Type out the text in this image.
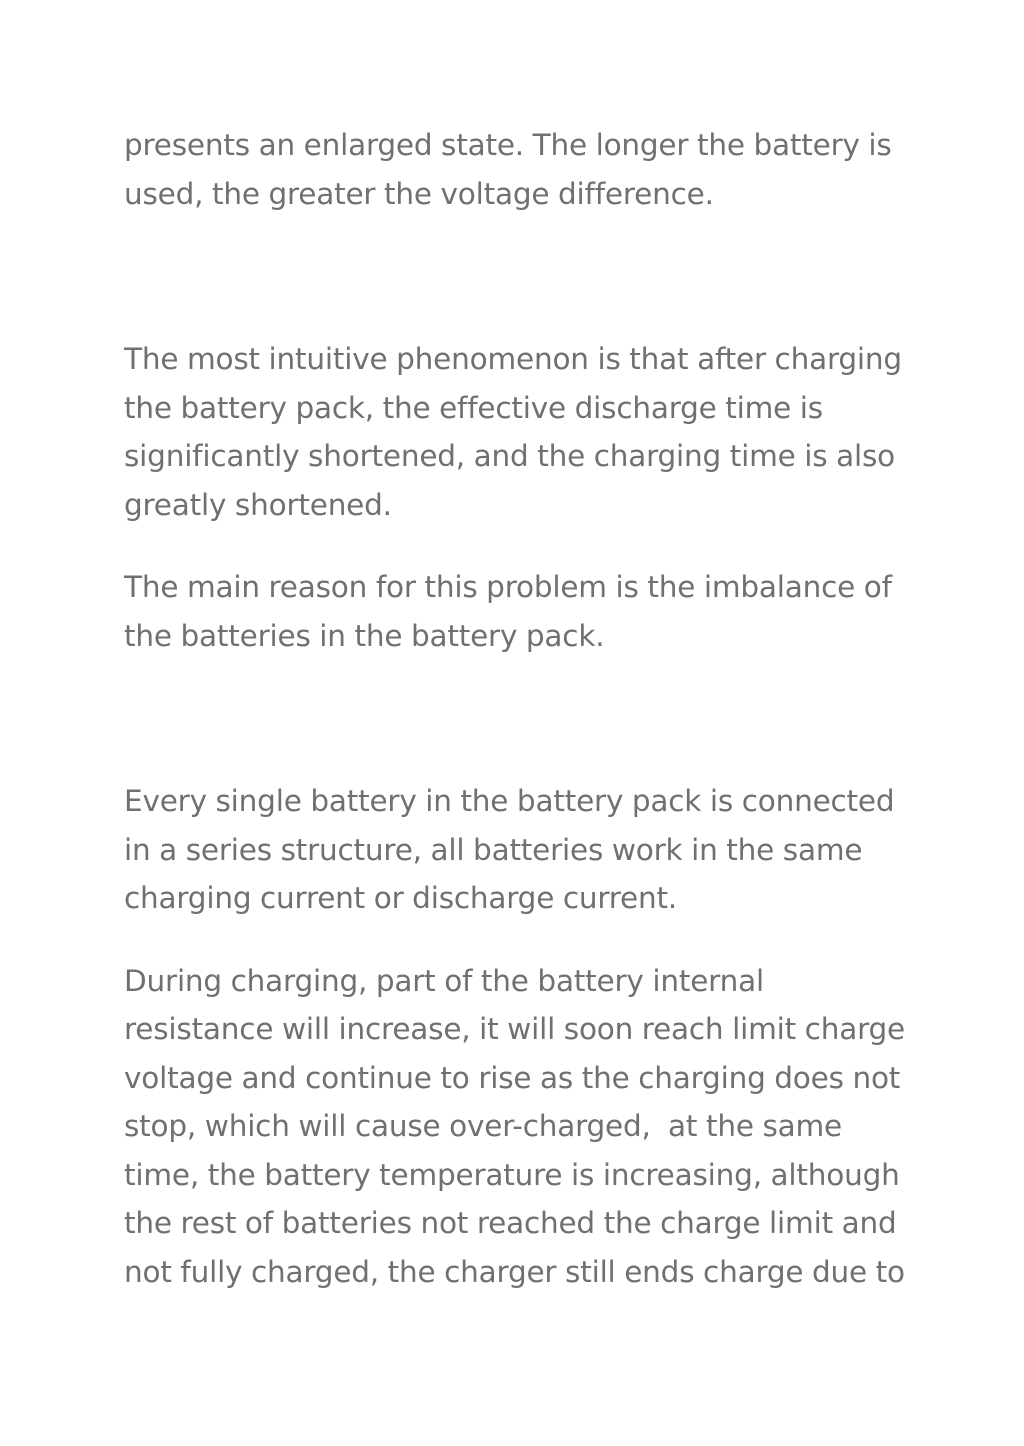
presents an enlarged state. The longer the battery is
used, the greater the voltage difference.

The most intuitive phenomenon is that after charging
the battery pack, the effective discharge time is
significantly shortened, and the charging time is also
greatly shortened.

The main reason for this problem is the imbalance of
the batteries in the battery pack.

Every single battery in the battery pack is connected
in a series structure, all batteries work in the same
charging current or discharge current.

During charging, part of the battery internal
resistance will increase, it will soon reach limit charge
voltage and continue to rise as the charging does not
stop, which will cause over-charged,  at the same
time, the battery temperature is increasing, although
the rest of batteries not reached the charge limit and
not fully charged, the charger still ends charge due to
